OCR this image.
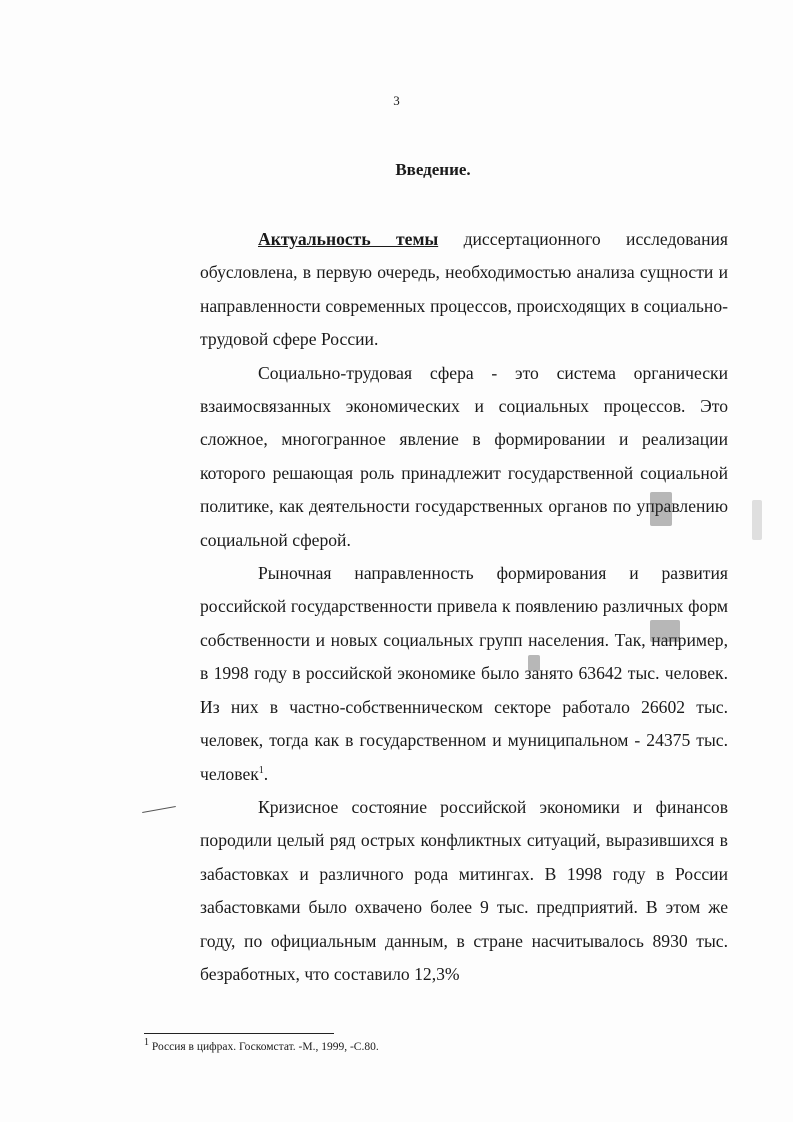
3
Введение.

Актуальность темы диссертационного исследования обусловлена, в первую очередь, необходимостью анализа сущности и направленности современных процессов, происходящих в социально-трудовой сфере России.

Социально-трудовая сфера - это система органически взаимосвязанных экономических и социальных процессов. Это сложное, многогранное явление в формировании и реализации которого решающая роль принадлежит государственной социальной политике, как деятельности государственных органов по управлению социальной сферой.

Рыночная направленность формирования и развития российской государственности привела к появлению различных форм собственности и новых социальных групп населения. Так, например, в 1998 году в российской экономике было занято 63642 тыс. человек. Из них в частно-собственническом секторе работало 26602 тыс. человек, тогда как в государственном и муниципальном - 24375 тыс. человек$^1$.

Кризисное состояние российской экономики и финансов породили целый ряд острых конфликтных ситуаций, выразившихся в забастовках и различного рода митингах. В 1998 году в России забастовками было охвачено более 9 тыс. предприятий. В этом же году, по официальным данным, в стране насчитывалось 8930 тыс. безработных, что составило 12,3%

$^1$ Россия в цифрах. Госкомстат. -М., 1999, -С.80.
